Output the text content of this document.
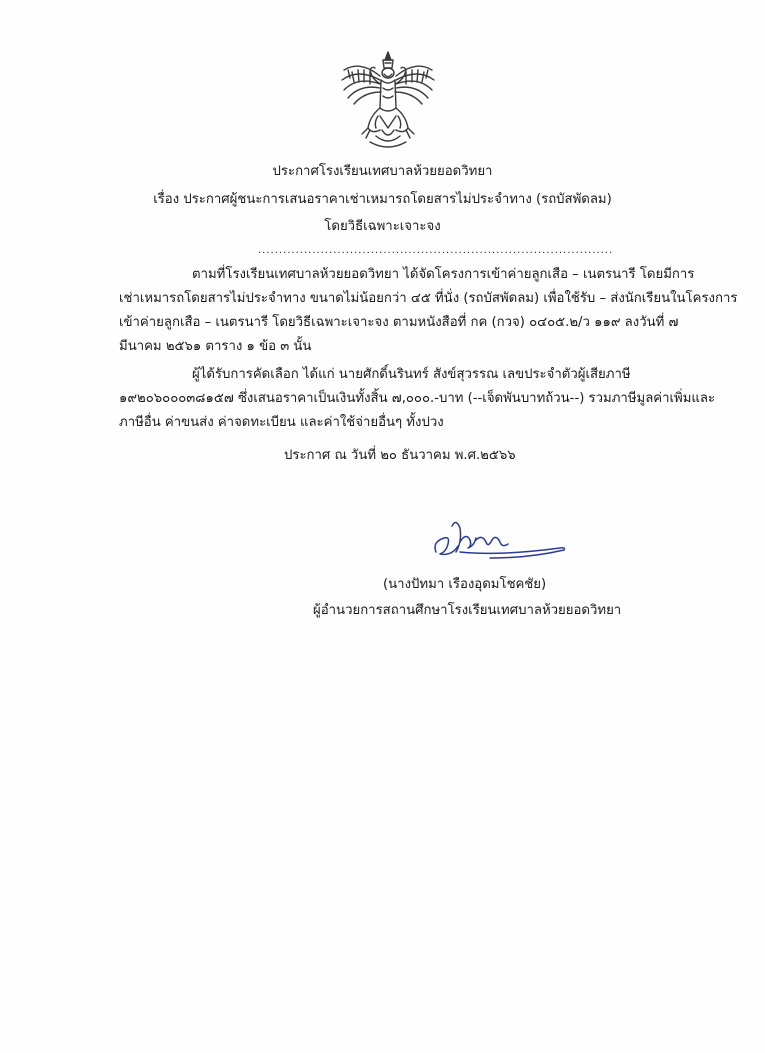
ประกาศโรงเรียนเทศบาลห้วยยอดวิทยา
เรื่อง ประกาศผู้ชนะการเสนอราคาเช่าเหมารถโดยสารไม่ประจำทาง (รถบัสพัดลม)
โดยวิธีเฉพาะเจาะจง
.....................................................................................
ตามที่โรงเรียนเทศบาลห้วยยอดวิทยา ได้จัดโครงการเข้าค่ายลูกเสือ – เนตรนารี โดยมีการ
เช่าเหมารถโดยสารไม่ประจำทาง ขนาดไม่น้อยกว่า ๔๕ ที่นั่ง (รถบัสพัดลม) เพื่อใช้รับ – ส่งนักเรียนในโครงการ
เข้าค่ายลูกเสือ – เนตรนารี โดยวิธีเฉพาะเจาะจง ตามหนังสือที่ กค (กวจ) ๐๔๐๕.๒/ว ๑๑๙ ลงวันที่ ๗
มีนาคม ๒๕๖๑ ตาราง ๑ ข้อ ๓ นั้น
ผู้ได้รับการคัดเลือก ได้แก่ นายศักดิ์นรินทร์ สังข์สุวรรณ เลขประจำตัวผู้เสียภาษี
๑๙๒๐๖๐๐๐๓๘๑๕๗ ซึ่งเสนอราคาเป็นเงินทั้งสิ้น ๗,๐๐๐.-บาท (--เจ็ดพันบาทถ้วน--) รวมภาษีมูลค่าเพิ่มและ
ภาษีอื่น ค่าขนส่ง ค่าจดทะเบียน และค่าใช้จ่ายอื่นๆ ทั้งปวง
ประกาศ ณ วันที่ ๒๐ ธันวาคม พ.ศ.๒๕๖๖
(นางปัทมา เรืองอุดมโชคชัย)
ผู้อำนวยการสถานศึกษาโรงเรียนเทศบาลห้วยยอดวิทยา
